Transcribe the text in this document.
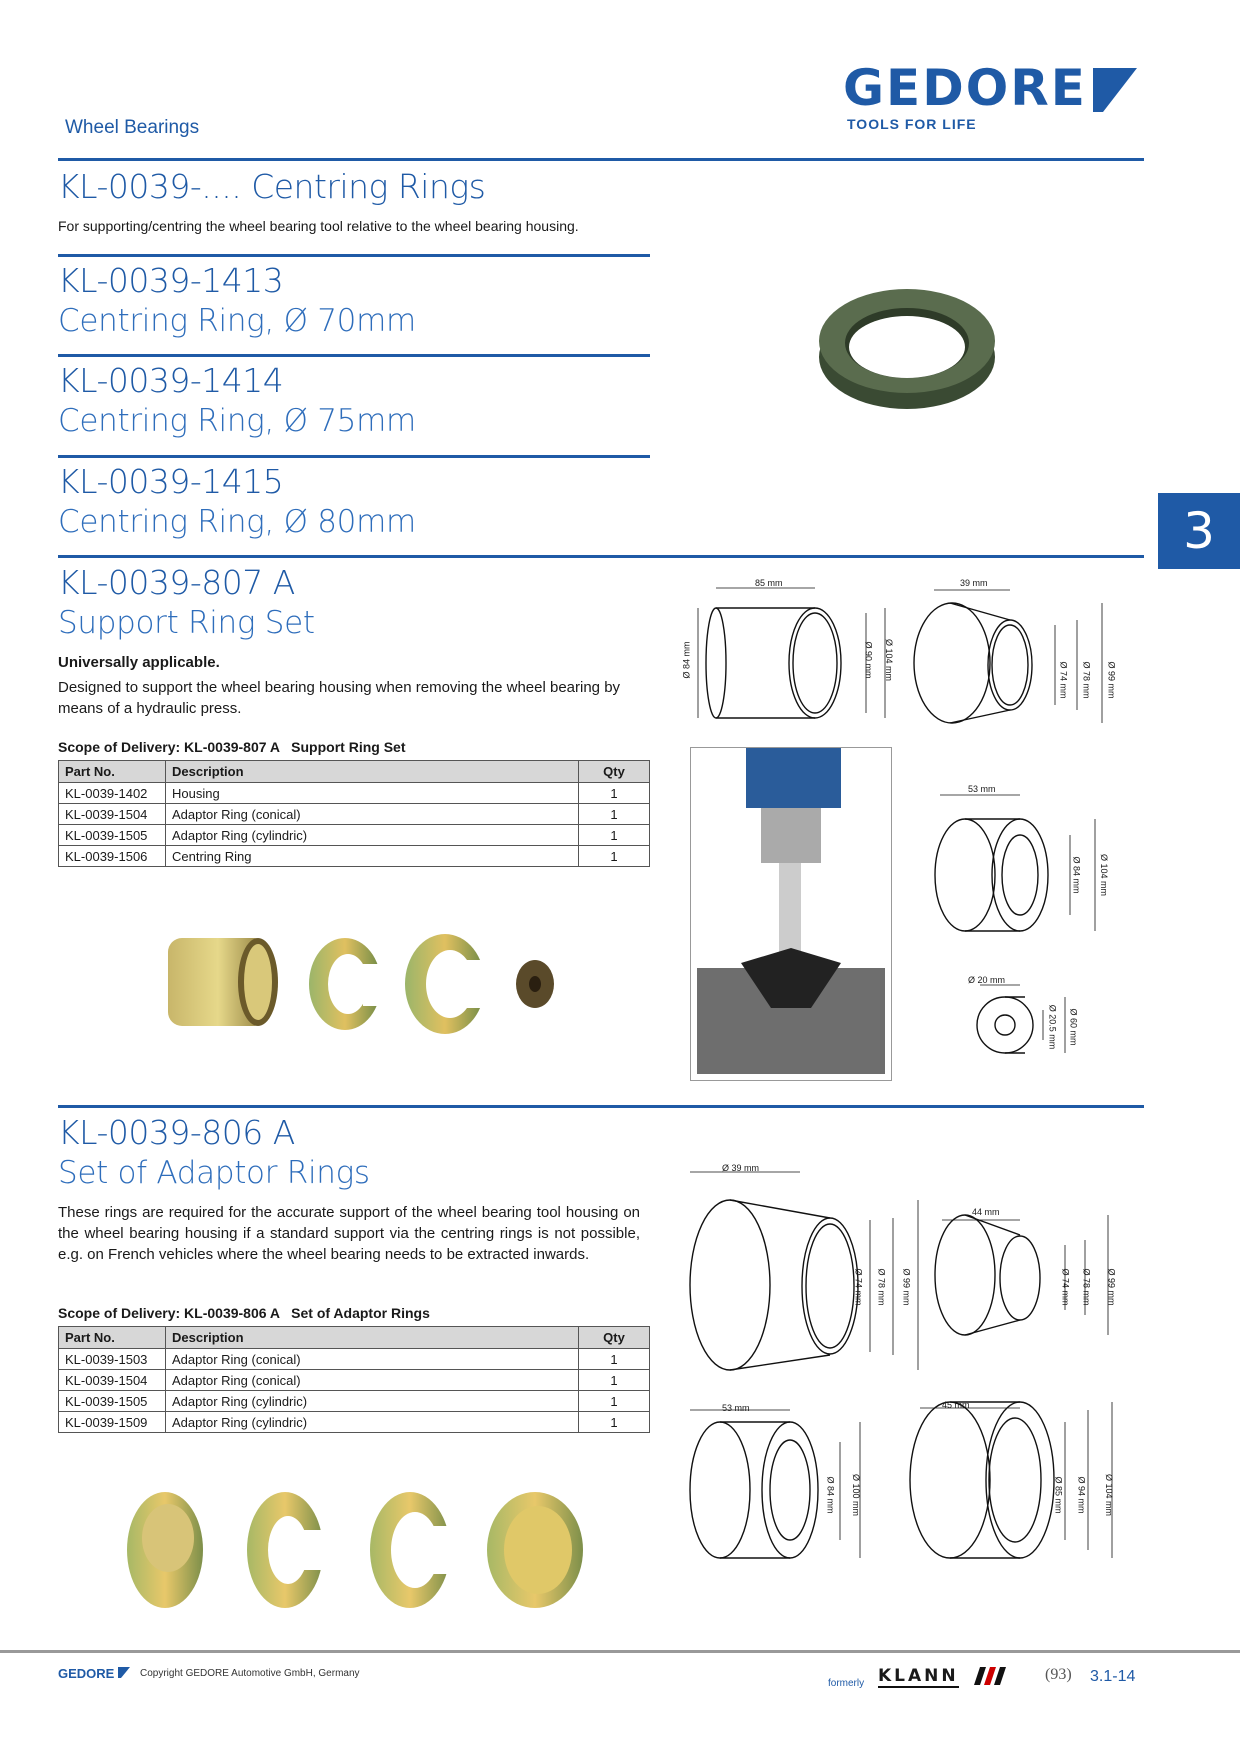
Wheel Bearings
GEDORE
TOOLS FOR LIFE
KL-0039-.... Centring Rings
For supporting/centring the wheel bearing tool relative to the wheel bearing housing.
KL-0039-1413
Centring Ring, Ø 70mm
KL-0039-1414
Centring Ring, Ø 75mm
KL-0039-1415
Centring Ring, Ø 80mm	3
KL-0039-807 A
Support Ring Set
Universally applicable.
Designed to support the wheel bearing housing when removing the wheel bearing by means of a hydraulic press.
Scope of Delivery: KL-0039-807 A   Support Ring Set
Part No.	Description	Qty
KL-0039-1402	Housing	1
KL-0039-1504	Adaptor Ring (conical)	1
KL-0039-1505	Adaptor Ring (cylindric)	1
KL-0039-1506	Centring Ring	1
85 mm
Ø 84 mm	Ø 90 mm Ø 104 mm
39 mm
Ø 74 mm Ø 78 mm Ø 99 mm
53 mm
Ø 84 mm Ø 104 mm
Ø 20 mm
Ø 20.5 mm Ø 60 mm
KL-0039-806 A
Set of Adaptor Rings
These rings are required for the accurate support of the wheel bearing tool housing on the wheel bearing housing if a standard support via the centring rings is not possible, e.g. on French vehicles where the wheel bearing needs to be extracted inwards.
Scope of Delivery: KL-0039-806 A   Set of Adaptor Rings
Part No.	Description	Qty
KL-0039-1503	Adaptor Ring (conical)	1
KL-0039-1504	Adaptor Ring (conical)	1
KL-0039-1505	Adaptor Ring (cylindric)	1
KL-0039-1509	Adaptor Ring (cylindric)	1
Ø 39 mm
Ø 74 mm Ø 78 mm Ø 99 mm
44 mm
Ø 74 mm Ø 78 mm Ø 99 mm
53 mm
Ø 84 mm Ø 100 mm
45 mm
Ø 85 mm Ø 94 mm Ø 104 mm
GEDORE	Copyright GEDORE Automotive GmbH, Germany
formerly KLANN	(93) 3.1-14
